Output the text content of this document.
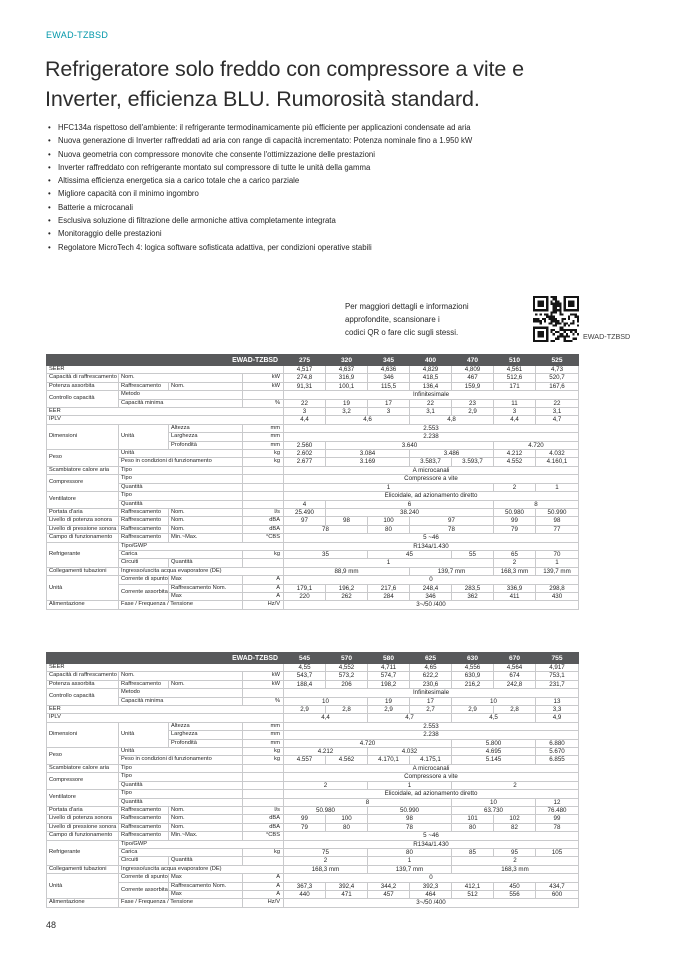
EWAD-TZBSD
Refrigeratore solo freddo con compressore a vite e
Inverter, efficienza BLU. Rumorosità standard.
• HFC134a rispettoso dell'ambiente: il refrigerante termodinamicamente più efficiente per applicazioni condensate ad aria
• Nuova generazione di Inverter raffreddati ad aria con range di capacità incrementato: Potenza nominale fino a 1.950 kW
• Nuova geometria con compressore monovite che consente l'ottimizzazione delle prestazioni
• Inverter raffreddato con refrigerante montato sul compressore di tutte le unità della gamma
• Altissima efficienza energetica sia a carico totale che a carico parziale
• Migliore capacità con il minimo ingombro
• Batterie a microcanali
• Esclusiva soluzione di filtrazione delle armoniche attiva completamente integrata
• Monitoraggio delle prestazioni
• Regolatore MicroTech 4: logica software sofisticata adattiva, per condizioni operative stabili
Per maggiori dettagli e informazioni
approfondite, scansionare i
codici QR o fare clic sugli stessi.	EWAD-TZBSD
EWAD-TZBSD				275	320	345	400	470	510	525
SEER				4,517	4,637	4,636	4,829	4,809	4,561	4,73
Capacità di raffrescamento	Nom.		kW	274,8	316,9	346	418,5	467	512,6	520,7
Potenza assorbita	Raffrescamento	Nom.	kW	91,31	100,1	115,5	136,4	159,9	171	167,6
Controllo capacità	Metodo			Infinitesimale						
	Capacità minima		%	22	19	17	22	23	11	22
EER				3	3,2	3	3,1	2,9	3	3,1
IPLV				4,4	4,6		4,8		4,4	4,7
Dimensioni	Unità	Altezza	mm	2.553						
		Larghezza	mm	2.238						
		Profondità	mm	2.560	3.640				4.720	
Peso	Unità		kg	2.602	3.084		3.486		4.212	4.032
	Peso in condizioni di funzionamento		kg	2.677	3.169		3.583,7	3.593,7	4.552	4.160,1
Scambiatore calore aria	Tipo			A microcanali						
Compressore	Tipo			Compressore a vite						
	Quantità			1					2	1
Ventilatore	Tipo			Elicoidale, ad azionamento diretto						
	Quantità			4	6				8	
Portata d'aria	Raffrescamento	Nom.	l/s	25.490	38.240				50.980	50.990
Livello di potenza sonora	Raffrescamento	Nom.	dBA	97	98	100	97		99	98
Livello di pressione sonora	Raffrescamento	Nom.	dBA	78		80	78		79	77
Campo di funzionamento	Raffrescamento	Min.~Max.	°CBS	5 ~46						
Refrigerante	Tipo/GWP			R134a/1.430						
	Carica		kg	35		45		55	65	70
	Circuiti	Quantità		1					2	1
Collegamenti tubazioni	Ingresso/uscita acqua evaporatore (DE)			88,9 mm			139,7 mm		168,3 mm	139,7 mm
Unità	Corrente di spunto	Max	A	0						
	Corrente assorbita	Raffrescamento Nom.	A	179,1	196,2	217,6	248,4	283,5	336,9	298,8
		Max	A	220	262	284	346	362	411	430
Alimentazione	Fase / Frequenza / Tensione		Hz/V	3~/50 /400						
EWAD-TZBSD				545	570	580	625	630	670	755
SEER				4,55	4,552	4,711	4,65	4,556	4,564	4,917
Capacità di raffrescamento	Nom.		kW	543,7	573,2	574,7	622,2	630,9	674	753,1
Potenza assorbita	Raffrescamento	Nom.	kW	188,4	206	198,2	230,6	216,2	242,8	231,7
Controllo capacità	Metodo			Infinitesimale						
	Capacità minima		%	10		19	17	10		13
EER				2,9	2,8	2,9	2,7	2,9	2,8	3,3
IPLV				4,4		4,7		4,5		4,9
Dimensioni	Unità	Altezza	mm	2.553						
		Larghezza	mm	2.238						
		Profondità	mm	4.720				5.800		6.880
Peso	Unità		kg	4.212		4.032		4.695		5.670
	Peso in condizioni di funzionamento		kg	4.557	4.562	4.170,1	4.175,1	5.145		6.855
Scambiatore calore aria	Tipo			A microcanali						
Compressore	Tipo			Compressore a vite						
	Quantità			2		1		2		
Ventilatore	Tipo			Elicoidale, ad azionamento diretto						
	Quantità			8				10		12
Portata d'aria	Raffrescamento	Nom.	l/s	50.980		50.990		63.730		76.480
Livello di potenza sonora	Raffrescamento	Nom.	dBA	99	100	98		101	102	99
Livello di pressione sonora	Raffrescamento	Nom.	dBA	79	80	78		80	82	78
Campo di funzionamento	Raffrescamento	Min.~Max.	°CBS	5 ~46						
Refrigerante	Tipo/GWP			R134a/1.430						
	Carica		kg	75		80		85	95	105
	Circuiti	Quantità		2		1		2		
Collegamenti tubazioni	Ingresso/uscita acqua evaporatore (DE)			168,3 mm		139,7 mm		168,3 mm		
Unità	Corrente di spunto	Max	A	0						
	Corrente assorbita	Raffrescamento Nom.	A	367,3	392,4	344,2	392,3	412,1	450	434,7
		Max	A	440	471	457	464	512	556	600
Alimentazione	Fase / Frequenza / Tensione		Hz/V	3~/50 /400						
48
